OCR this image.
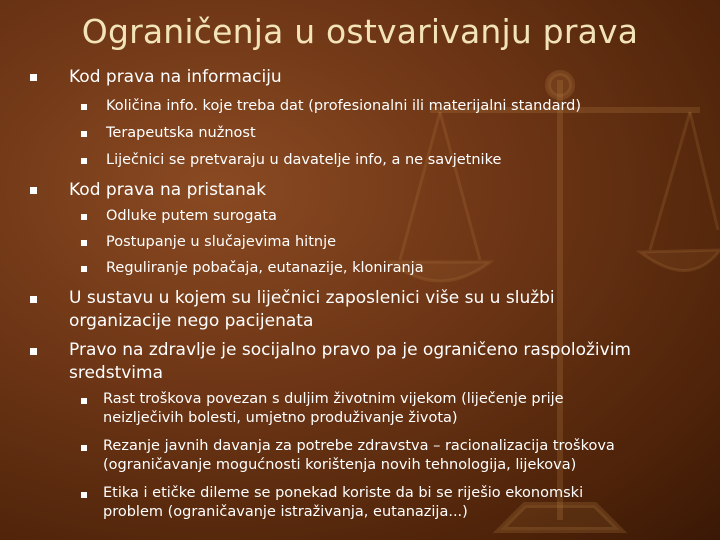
Ograničenja u ostvarivanju prava
Kod prava na informaciju
Količina info. koje treba dat (profesionalni ili materijalni standard)
Terapeutska nužnost
Liječnici se pretvaraju u davatelje info, a ne savjetnike
Kod prava na pristanak
Odluke putem surogata
Postupanje u slučajevima hitnje
Reguliranje pobačaja, eutanazije, kloniranja
U sustavu u kojem su liječnici zaposlenici više su u službi
organizacije nego pacijenata
Pravo na zdravlje je socijalno pravo pa je ograničeno raspoloživim
sredstvima
Rast troškova povezan s duljim životnim vijekom (liječenje prije
neizlječivih bolesti, umjetno produživanje života)
Rezanje javnih davanja za potrebe zdravstva – racionalizacija troškova
(ograničavanje mogućnosti korištenja novih tehnologija, lijekova)
Etika i etičke dileme se ponekad koriste da bi se riješio ekonomski
problem (ograničavanje istraživanja, eutanazija...)
